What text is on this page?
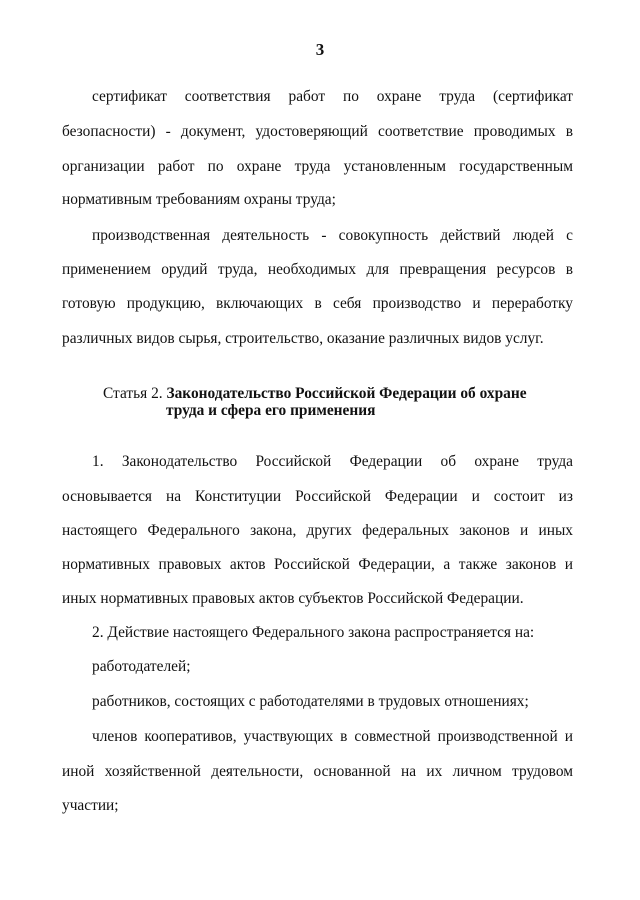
3
сертификат соответствия работ по охране труда (сертификат
безопасности) - документ, удостоверяющий соответствие проводимых в
организации работ по охране труда установленным государственным
нормативным требованиям охраны труда;
производственная деятельность - совокупность действий людей с
применением орудий труда, необходимых для превращения ресурсов в
готовую продукцию, включающих в себя производство и переработку
различных видов сырья, строительство, оказание различных видов услуг.
Статья 2. Законодательство Российской Федерации об охране
труда и сфера его применения
1. Законодательство Российской Федерации об охране труда
основывается на Конституции Российской Федерации и состоит из
настоящего Федерального закона, других федеральных законов и иных
нормативных правовых актов Российской Федерации, а также законов и
иных нормативных правовых актов субъектов Российской Федерации.
2. Действие настоящего Федерального закона распространяется на:
работодателей;
работников, состоящих с работодателями в трудовых отношениях;
членов кооперативов, участвующих в совместной производственной и
иной хозяйственной деятельности, основанной на их личном трудовом
участии;
